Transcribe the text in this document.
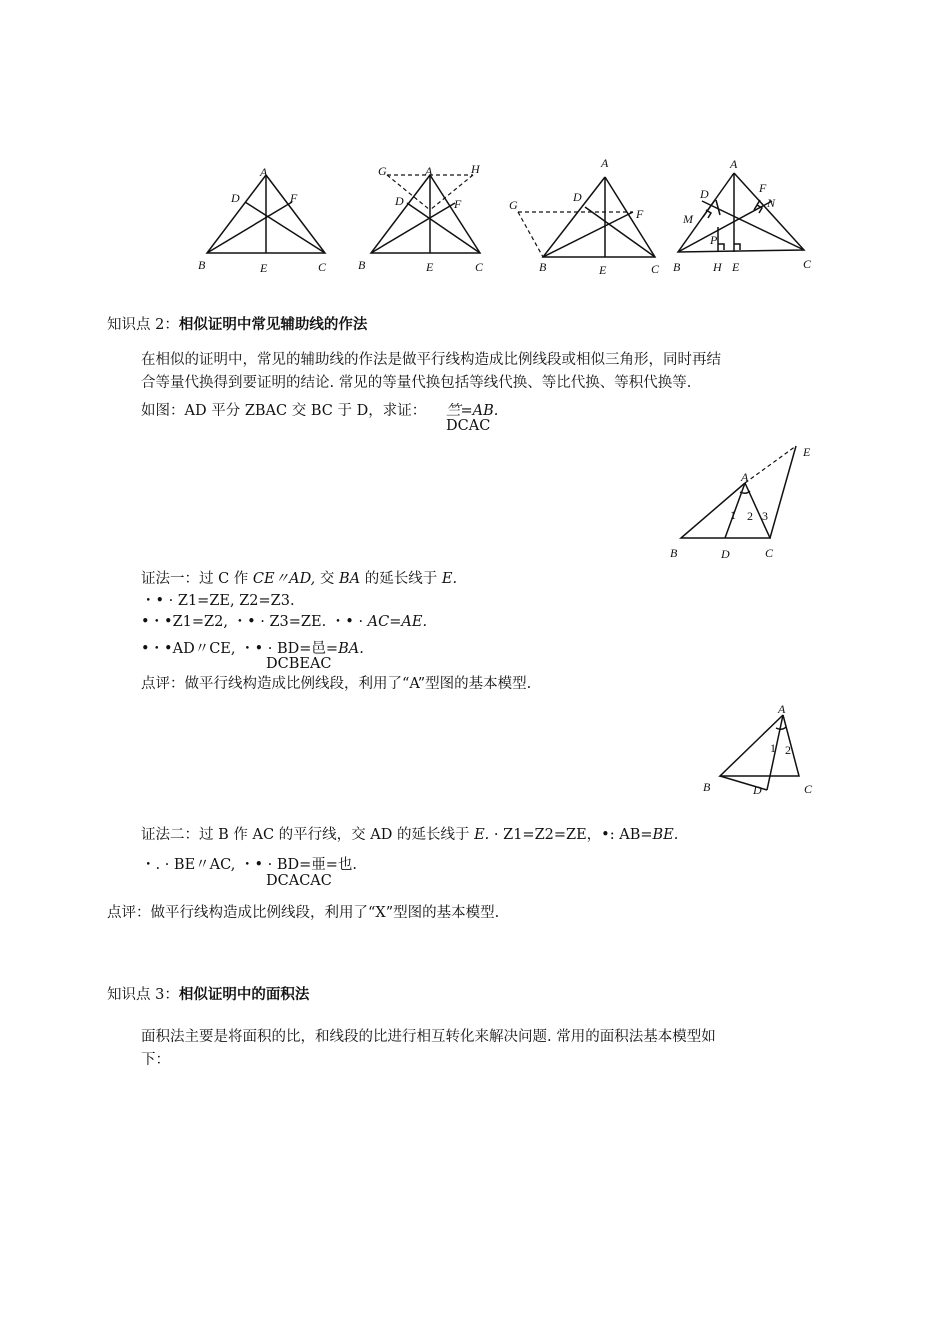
A
D	F
B	E	C
A
G	H
D	F
B	E	C
A
D
F
G
B	E	C
A
D	F
N
M
P
B	H E	C
知识点 2：相似证明中常见辅助线的作法
在相似的证明中，常见的辅助线的作法是做平行线构造成比例线段或相似三角形，同时再结
合等量代换得到要证明的结论. 常见的等量代换包括等线代换、等比代换、等积代换等.
如图：AD 平分 ZBAC 交 BC 于 D，求证： 竺=AB.
DCAC
A
E
1 2 3
B	D	C
证法一：过 C 作 CE〃AD, 交 BA 的延长线于 E.
・• · Z1=ZE, Z2=Z3.
•・•Z1=Z2, ・• · Z3=ZE. ・• · AC=AE.
•・•AD〃CE, ・• · BD=邑=BA.
DCBEAC
点评：做平行线构造成比例线段，利用了“A”型图的基本模型.
A
1 2
B	D	C
证法二：过 B 作 AC 的平行线，交 AD 的延长线于 E. · Z1=Z2=ZE，•: AB=BE.
・. · BE〃AC, ・• · BD=亜=也.
DCACAC
点评：做平行线构造成比例线段，利用了“X”型图的基本模型.
知识点 3：相似证明中的面积法
面积法主要是将面积的比，和线段的比进行相互转化来解决问题. 常用的面积法基本模型如
下：
